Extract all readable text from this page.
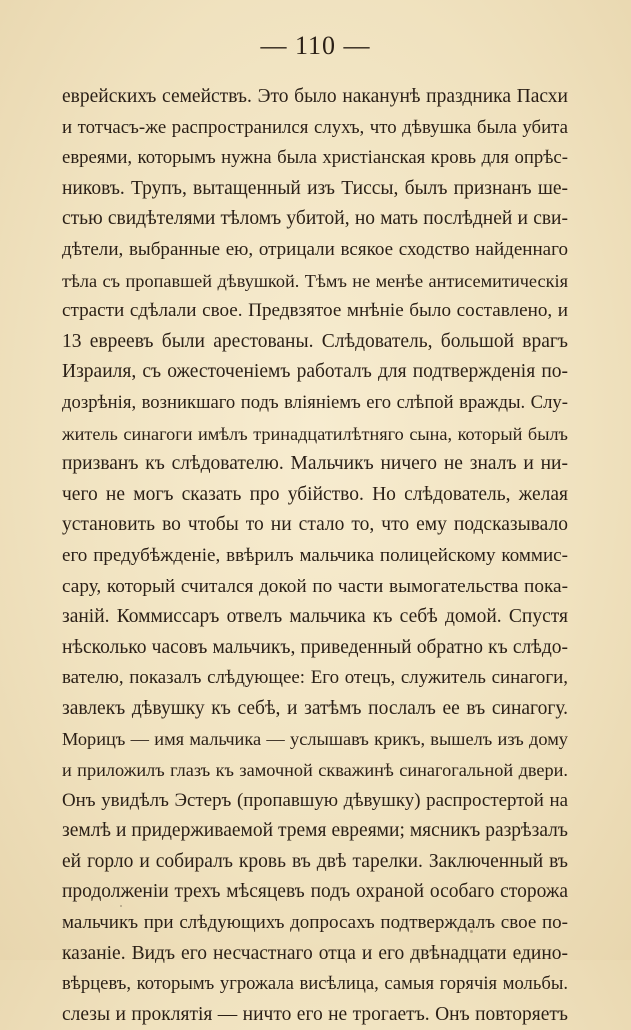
— 110 —
еврейскихъ семействъ. Это было наканунѣ праздника Пасхи
и тотчасъ-же распространился слухъ, что дѣвушка была убита
евреями, которымъ нужна была христіанская кровь для опрѣс-
никовъ. Трупъ, вытащенный изъ Тиссы, былъ признанъ ше-
стью свидѣтелями тѣломъ убитой, но мать послѣдней и сви-
дѣтели, выбранные ею, отрицали всякое сходство найденнаго
тѣла съ пропавшей дѣвушкой. Тѣмъ не менѣе антисемитическія
страсти сдѣлали свое. Предвзятое мнѣніе было составлено, и
13 евреевъ были арестованы. Слѣдователь, большой врагъ
Израиля, съ ожесточеніемъ работалъ для подтвержденія по-
дозрѣнія, возникшаго подъ вліяніемъ его слѣпой вражды. Слу-
житель синагоги имѣлъ тринадцатилѣтняго сына, который былъ
призванъ къ слѣдователю. Мальчикъ ничего не зналъ и ни-
чего не могъ сказать про убійство. Но слѣдователь, желая
установить во чтобы то ни стало то, что ему подсказывало
его предубѣжденіе, ввѣрилъ мальчика полицейскому коммис-
сару, который считался докой по части вымогательства пока-
заній. Коммиссаръ отвелъ мальчика къ себѣ домой. Спустя
нѣсколько часовъ мальчикъ, приведенный обратно къ слѣдо-
вателю, показалъ слѣдующее: Его отецъ, служитель синагоги,
завлекъ дѣвушку къ себѣ, и затѣмъ послалъ ее въ синагогу.
Морицъ — имя мальчика — услышавъ крикъ, вышелъ изъ дому
и приложилъ глазъ къ замочной скважинѣ синагогальной двери.
Онъ увидѣлъ Эстеръ (пропавшую дѣвушку) распростертой на
землѣ и придерживаемой тремя евреями; мясникъ разрѣзалъ
ей горло и собиралъ кровь въ двѣ тарелки. Заключенный въ
продолженіи трехъ мѣсяцевъ подъ охраной особаго сторожа
мальчикъ при слѣдующихъ допросахъ подтверждалъ свое по-
казаніе. Видъ его несчастнаго отца и его двѣнадцати едино-
вѣрцевъ, которымъ угрожала висѣлица, самыя горячія мольбы.
слезы и проклятія — ничто его не трогаетъ. Онъ повторяетъ
